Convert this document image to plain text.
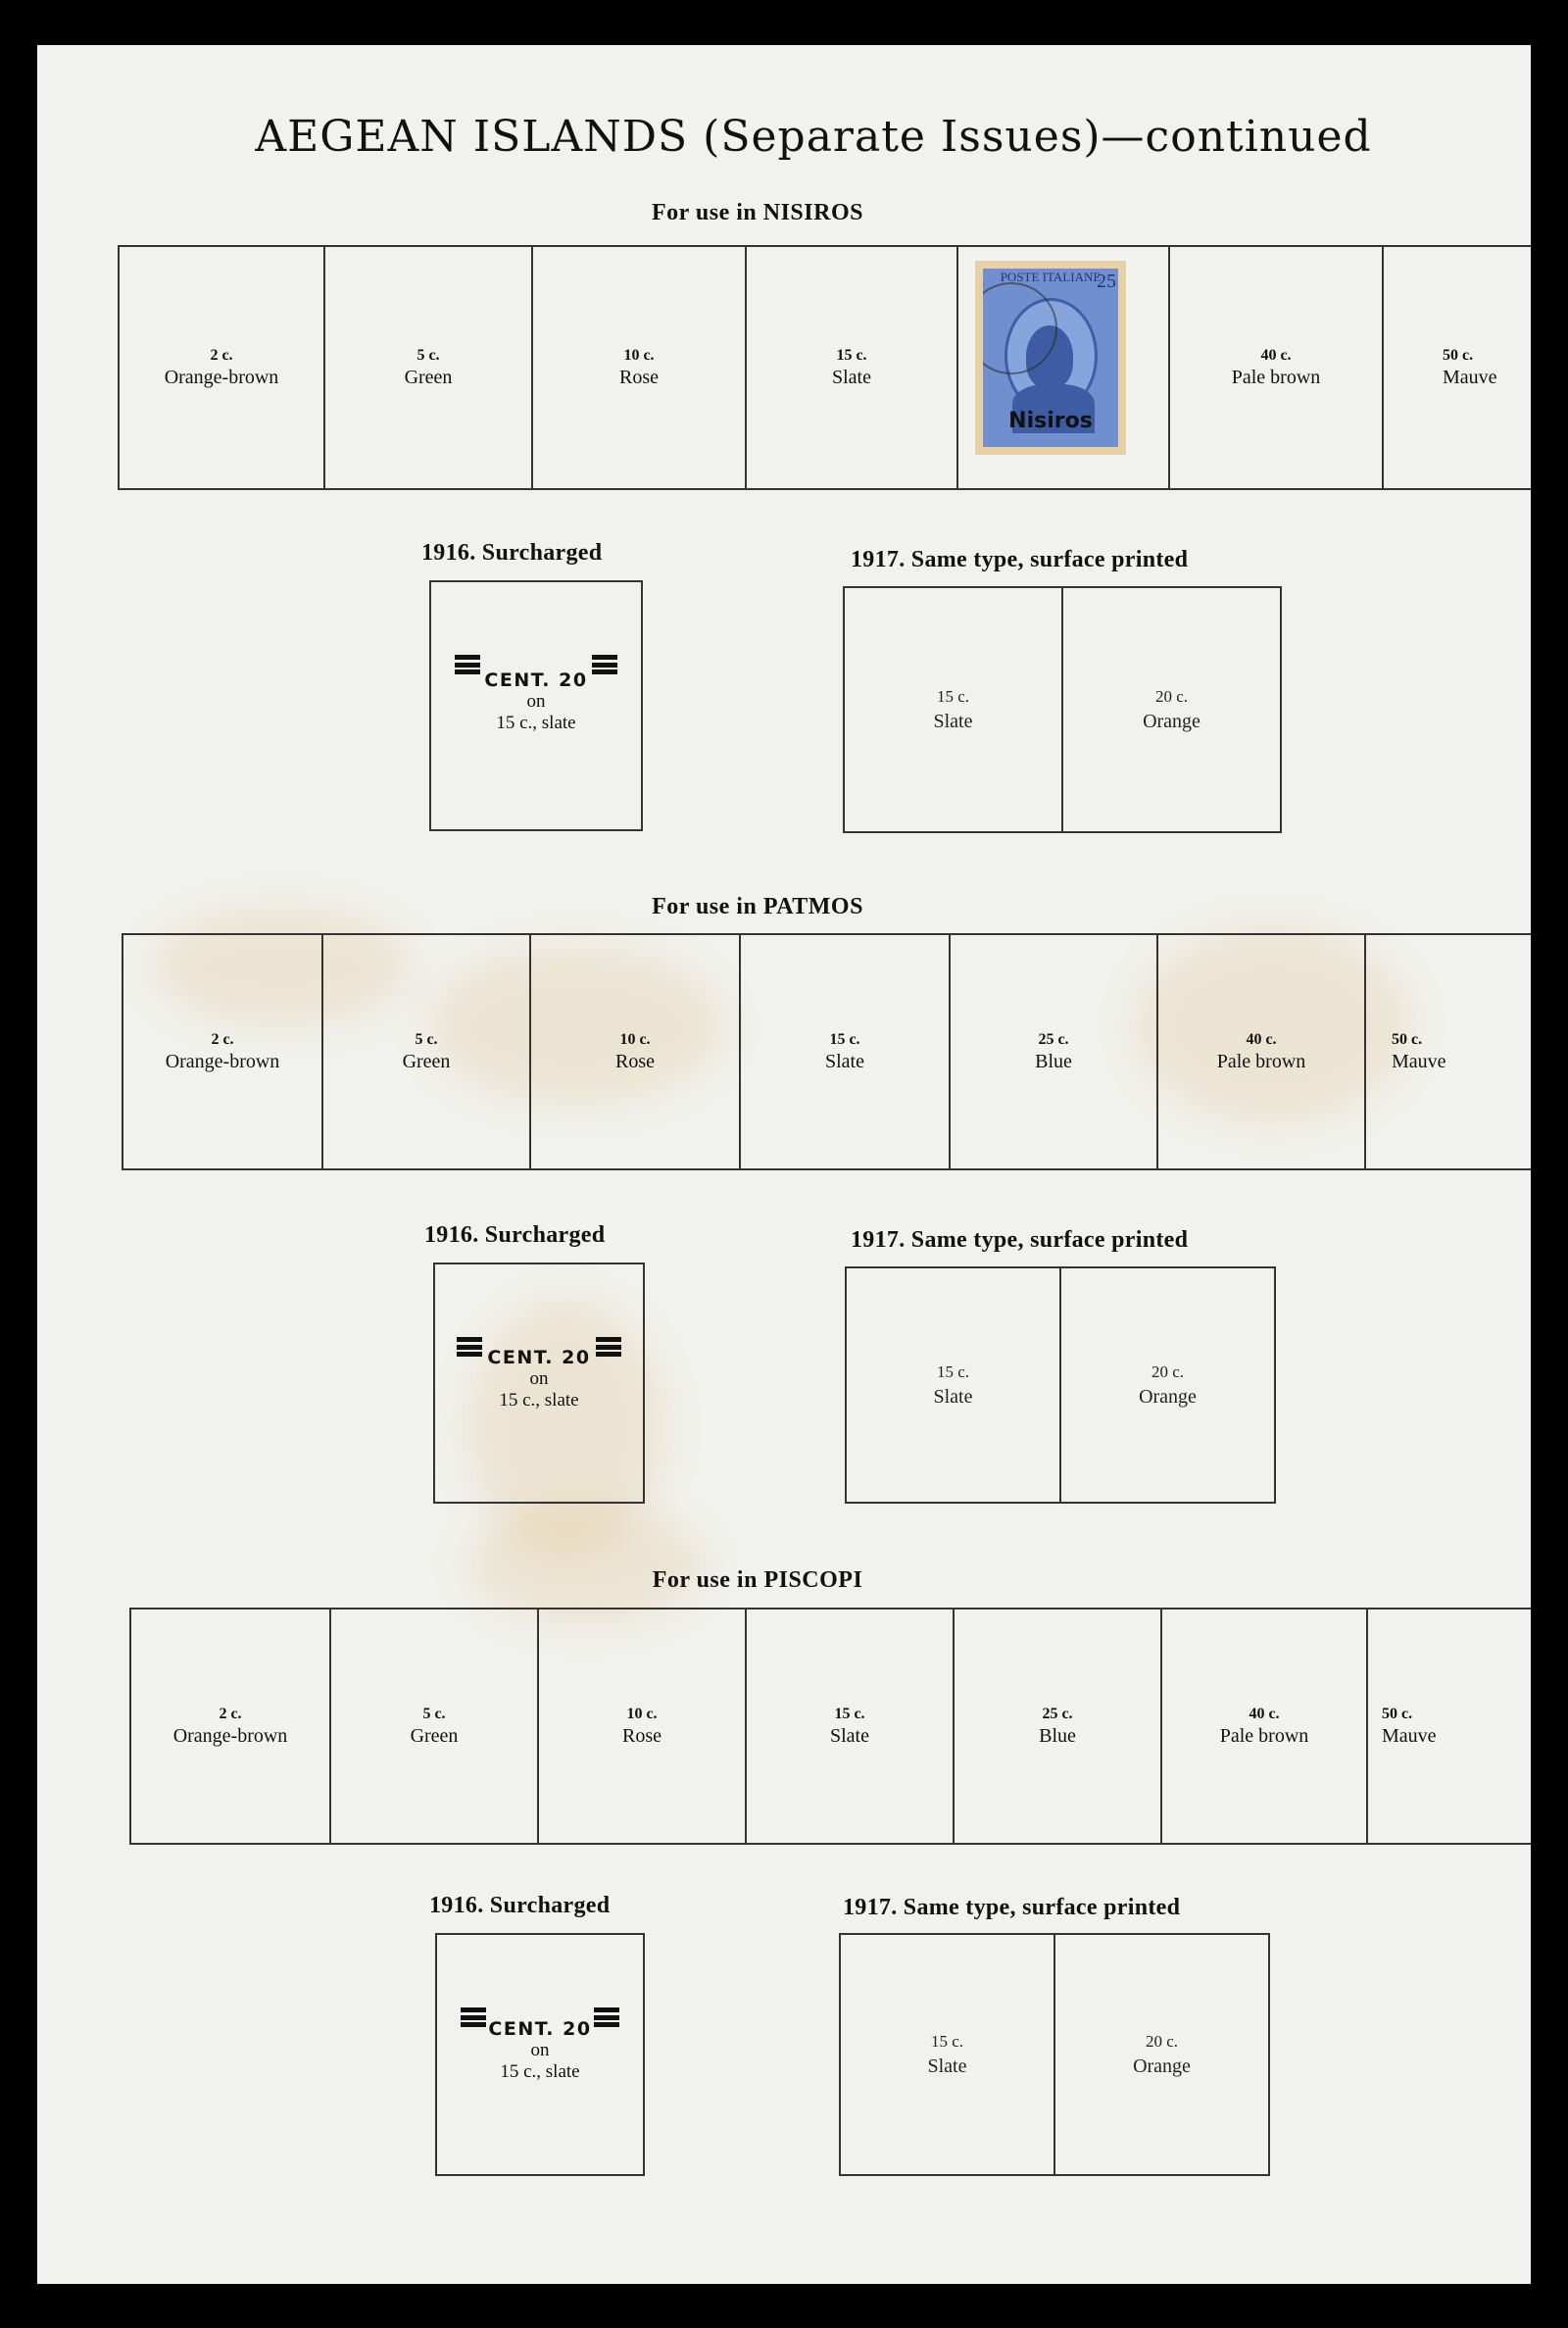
AEGEAN ISLANDS (Separate Issues)—continued
For use in NISIROS
2 c.
Orange-brown
5 c.
Green
10 c.
Rose
15 c.
Slate
40 c.
Pale brown
50 c.
Mauve
POSTE ITALIANE
25
Nisiros
1916. Surcharged
CENT. 20
on
15 c., slate
1917. Same type, surface printed
15 c.
Slate
20 c.
Orange
For use in PATMOS
2 c.
Orange-brown
5 c.
Green
10 c.
Rose
15 c.
Slate
25 c.
Blue
40 c.
Pale brown
50 c.
Mauve
1916. Surcharged
CENT. 20
on
15 c., slate
1917. Same type, surface printed
15 c.
Slate
20 c.
Orange
For use in PISCOPI
2 c.
Orange-brown
5 c.
Green
10 c.
Rose
15 c.
Slate
25 c.
Blue
40 c.
Pale brown
50 c.
Mauve
1916. Surcharged
CENT. 20
on
15 c., slate
1917. Same type, surface printed
15 c.
Slate
20 c.
Orange
